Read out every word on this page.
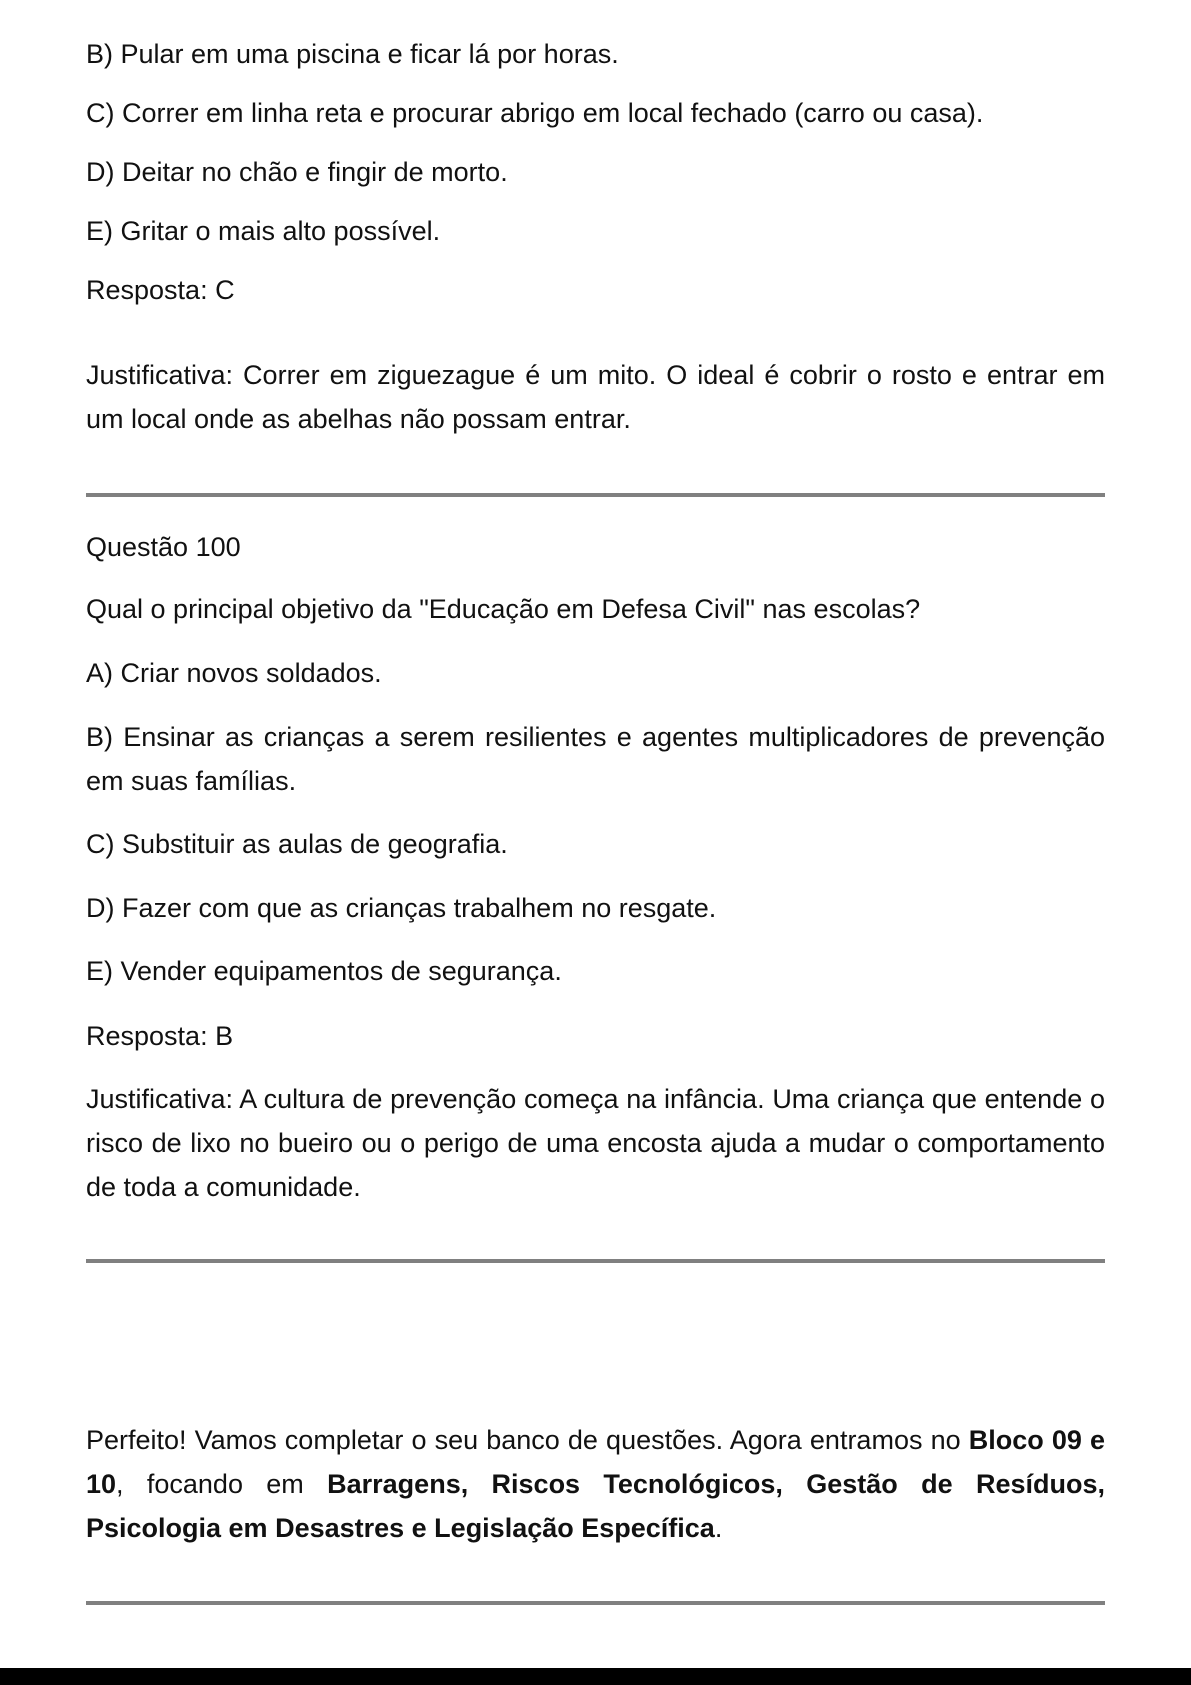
B) Pular em uma piscina e ficar lá por horas.
C) Correr em linha reta e procurar abrigo em local fechado (carro ou casa).
D) Deitar no chão e fingir de morto.
E) Gritar o mais alto possível.
Resposta: C
Justificativa: Correr em ziguezague é um mito. O ideal é cobrir o rosto e entrar em um local onde as abelhas não possam entrar.
Questão 100
Qual o principal objetivo da "Educação em Defesa Civil" nas escolas?
A) Criar novos soldados.
B) Ensinar as crianças a serem resilientes e agentes multiplicadores de prevenção em suas famílias.
C) Substituir as aulas de geografia.
D) Fazer com que as crianças trabalhem no resgate.
E) Vender equipamentos de segurança.
Resposta: B
Justificativa: A cultura de prevenção começa na infância. Uma criança que entende o risco de lixo no bueiro ou o perigo de uma encosta ajuda a mudar o comportamento de toda a comunidade.
Perfeito! Vamos completar o seu banco de questões. Agora entramos no Bloco 09 e 10, focando em Barragens, Riscos Tecnológicos, Gestão de Resíduos, Psicologia em Desastres e Legislação Específica.
